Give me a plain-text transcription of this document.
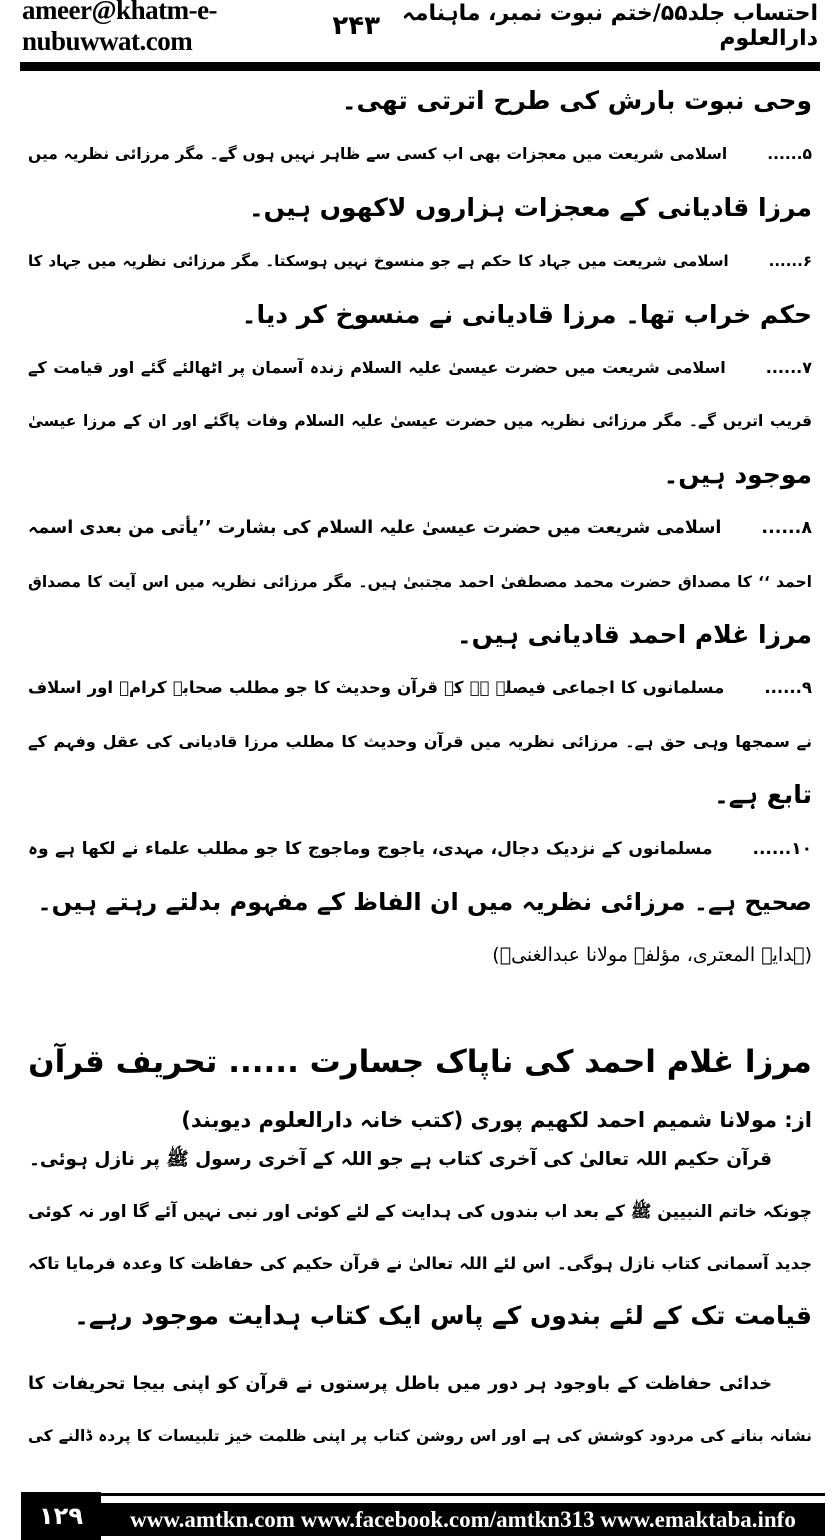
ameer@khatm-e-nubuwwat.com	۲۴۳ احتساب جلد۵۵/ختم نبوت نمبر، ماہنامہ دارالعلوم
وحی نبوت بارش کی طرح اترتی تھی۔
۵......اسلامی شریعت میں معجزات بھی اب کسی سے ظاہر نہیں ہوں گے۔ مگر مرزائی نظریہ میں
مرزا قادیانی کے معجزات ہزاروں لاکھوں ہیں۔
۶......اسلامی شریعت میں جہاد کا حکم ہے جو منسوخ نہیں ہوسکتا۔ مگر مرزائی نظریہ میں جہاد کا
حکم خراب تھا۔ مرزا قادیانی نے منسوخ کر دیا۔
۷......اسلامی شریعت میں حضرت عیسیٰ علیہ السلام زندہ آسمان پر اٹھالئے گئے اور قیامت کے
قریب اتریں گے۔ مگر مرزائی نظریہ میں حضرت عیسیٰ علیہ السلام وفات پاگئے اور ان کے مرزا عیسیٰ
موجود ہیں۔
۸......اسلامی شریعت میں حضرت عیسیٰ علیہ السلام کی بشارت ’’یأتی من بعدی اسمہ
احمد ‘‘ کا مصداق حضرت محمد مصطفیٰ احمد مجتبیٰ ہیں۔ مگر مرزائی نظریہ میں اس آیت کا مصداق
مرزا غلام احمد قادیانی ہیں۔
۹......مسلمانوں کا اجماعی فیصلہ ہے کہ قرآن وحدیث کا جو مطلب صحابہ کرامؓ اور اسلاف
نے سمجھا وہی حق ہے۔ مرزائی نظریہ میں قرآن وحدیث کا مطلب مرزا قادیانی کی عقل وفہم کے
تابع ہے۔
۱۰......مسلمانوں کے نزدیک دجال، مہدی، یاجوج وماجوج کا جو مطلب علماء نے لکھا ہے وہ
صحیح ہے۔ مرزائی نظریہ میں ان الفاظ کے مفہوم بدلتے رہتے ہیں۔
(ہدایۃ المعتری، مؤلفہ مولانا عبدالغنیؒ)
مرزا غلام احمد کی ناپاک جسارت ...... تحریف قرآن
از: مولانا شمیم احمد لکھیم پوری (کتب خانہ دارالعلوم دیوبند)
قرآن حکیم اللہ تعالیٰ کی آخری کتاب ہے جو اللہ کے آخری رسول ﷺ پر نازل ہوئی۔
چونکہ خاتم النبیین ﷺ کے بعد اب بندوں کی ہدایت کے لئے کوئی اور نبی نہیں آئے گا اور نہ کوئی
جدید آسمانی کتاب نازل ہوگی۔ اس لئے اللہ تعالیٰ نے قرآن حکیم کی حفاظت کا وعدہ فرمایا تاکہ
قیامت تک کے لئے بندوں کے پاس ایک کتاب ہدایت موجود رہے۔
خدائی حفاظت کے باوجود ہر دور میں باطل پرستوں نے قرآن کو اپنی بیجا تحریفات کا
نشانہ بنانے کی مردود کوشش کی ہے اور اس روشن کتاب پر اپنی ظلمت خیز تلبیسات کا پردہ ڈالنے کی
۱۲۹	www.amtkn.com www.facebook.com/amtkn313 www.emaktaba.info
